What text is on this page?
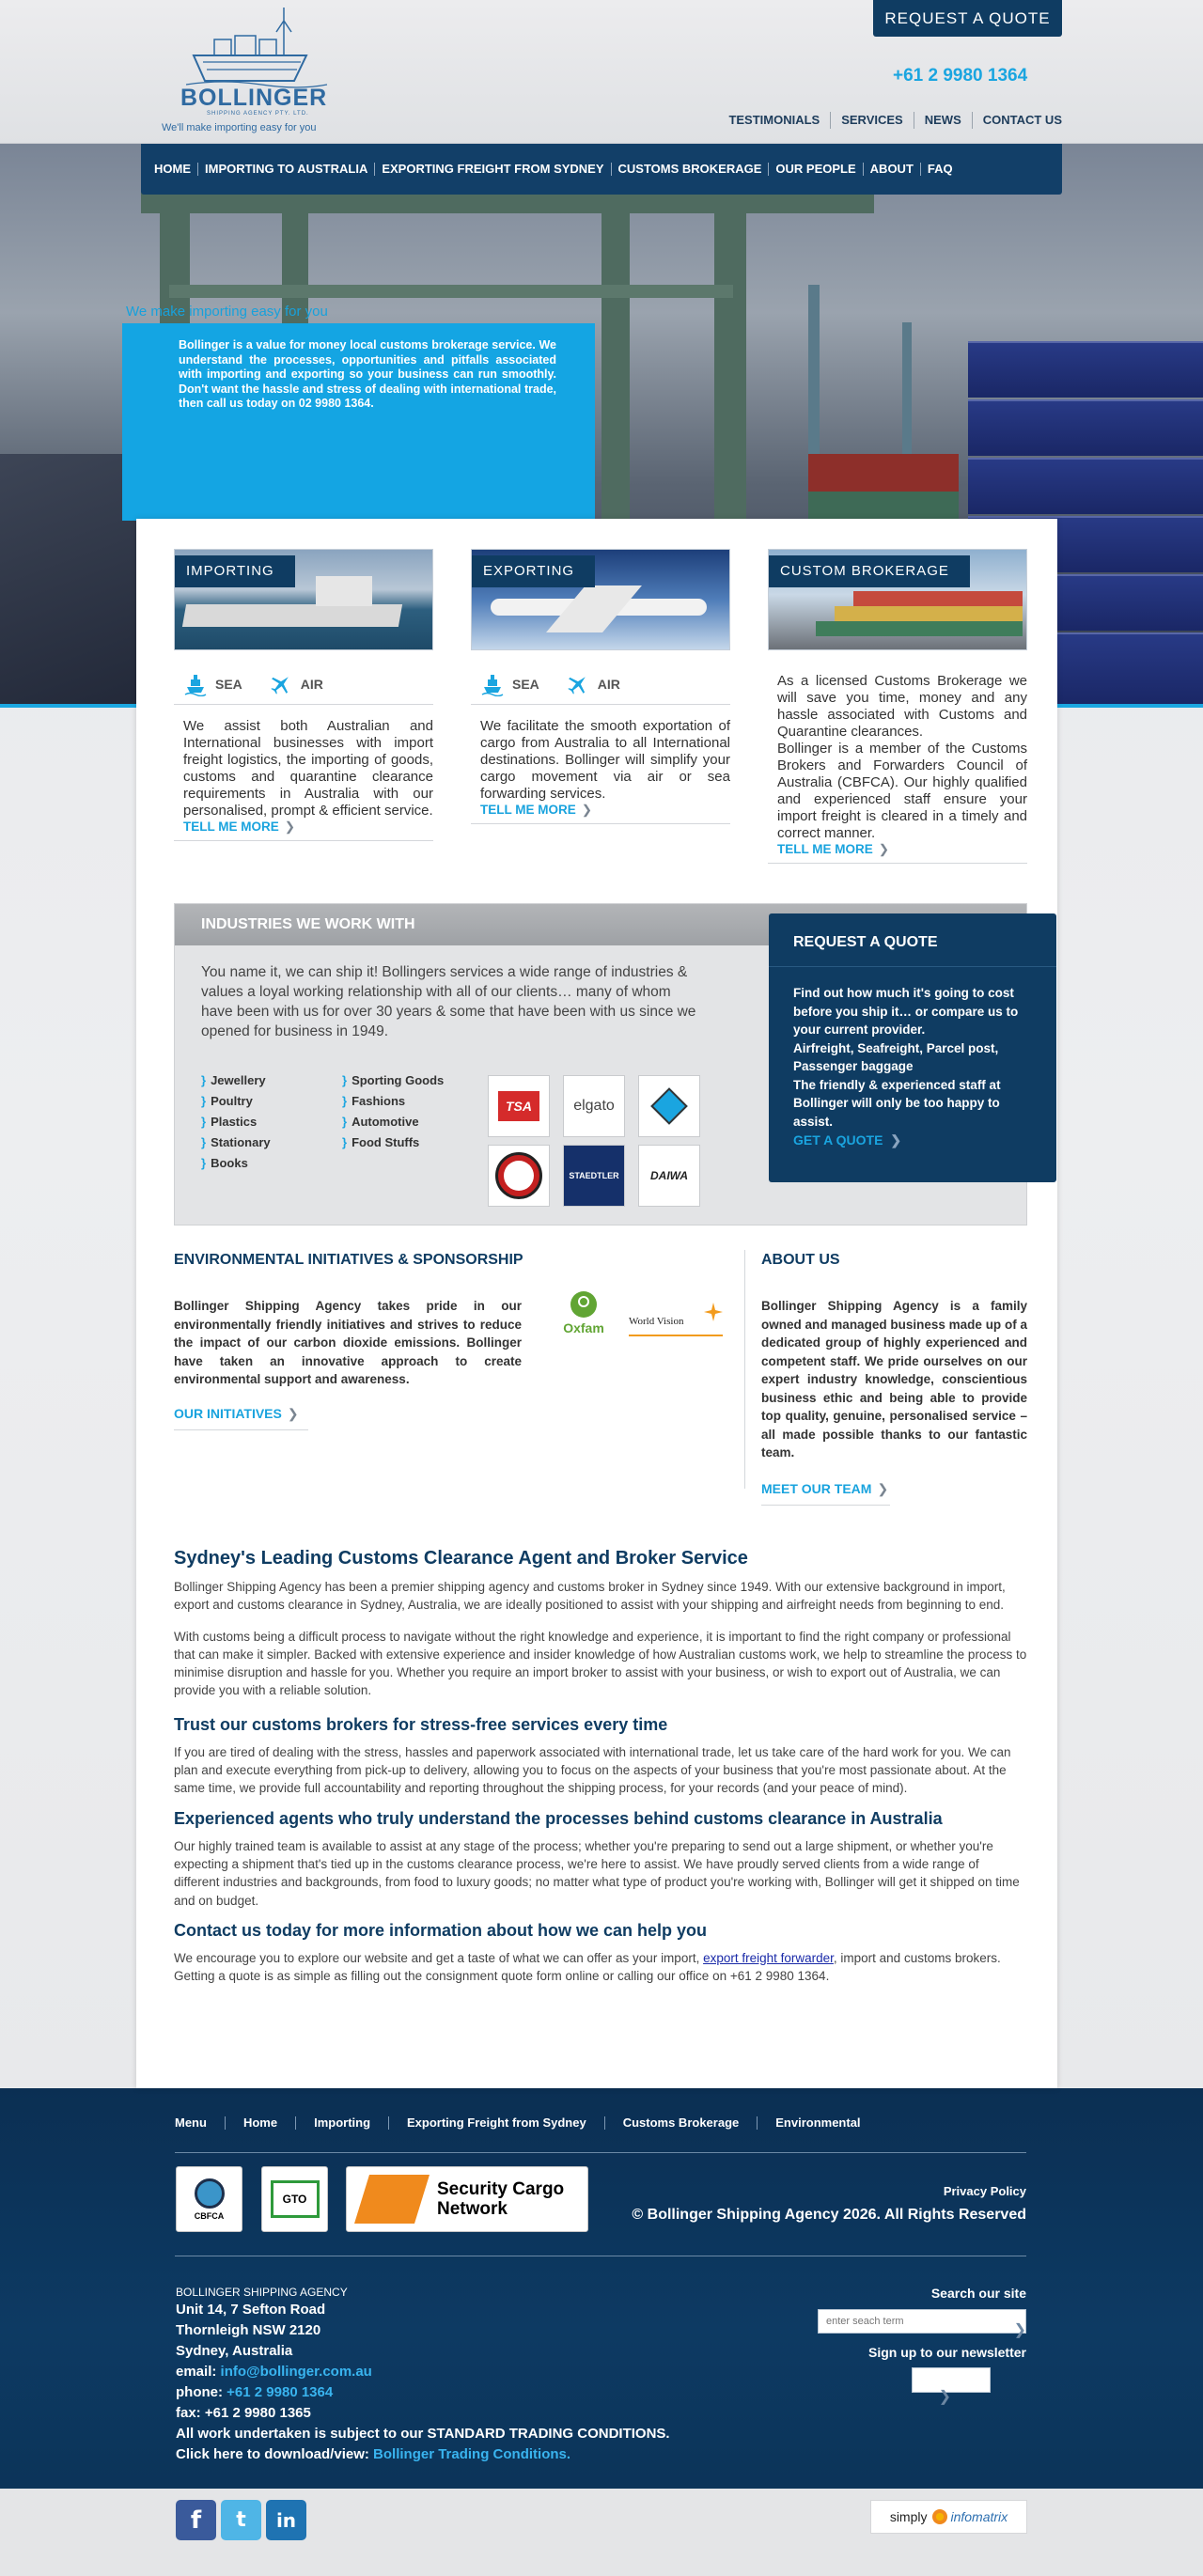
BOLLINGER
SHIPPING AGENCY PTY. LTD.
We'll make importing easy for you
REQUEST A QUOTE
+61 2 9980 1364
TESTIMONIALS	SERVICES	NEWS	CONTACT US
HOME	IMPORTING TO AUSTRALIA	EXPORTING FREIGHT FROM SYDNEY	CUSTOMS BROKERAGE	OUR PEOPLE	ABOUT	FAQ
We make importing easy for you

Bollinger is a value for money local customs brokerage service. We understand the processes, opportunities and pitfalls associated with importing and exporting so your business can run smoothly. Don't want the hassle and stress of dealing with international trade, then call us today on 02 9980 1364.

IMPORTING
SEA	AIR

We assist both Australian and International businesses with import freight logistics, the importing of goods, customs and quarantine clearance requirements in Australia with our personalised, prompt & efficient service.

TELL ME MORE ❯
EXPORTING
SEA	AIR

We facilitate the smooth exportation of cargo from Australia to all International destinations. Bollinger will simplify your cargo movement via air or sea forwarding services.

TELL ME MORE ❯
CUSTOM BROKERAGE

As a licensed Customs Brokerage we will save you time, money and any hassle associated with Customs and Quarantine clearances.
Bollinger is a member of the Customs Brokers and Forwarders Council of Australia (CBFCA). Our highly qualified and experienced staff ensure your import freight is cleared in a timely and correct manner.

TELL ME MORE ❯
INDUSTRIES WE WORK WITH
You name it, we can ship it! Bollingers services a wide range of industries & values a loyal working relationship with all of our clients… many of whom have been with us for over 30 years & some that have been with us since we opened for business in 1949.
} Jewellery
} Poultry
} Plastics
} Stationary
} Books
} Sporting Goods
} Fashions
} Automotive
} Food Stuffs
TSA	elgato
STAEDTLER	DAIWA
REQUEST A QUOTE

Find out how much it's going to cost before you ship it… or compare us to your current provider.
Airfreight, Seafreight, Parcel post, Passenger baggage
The friendly & experienced staff at Bollinger will only be too happy to assist.

GET A QUOTE ❯
ENVIRONMENTAL INITIATIVES & SPONSORSHIP

Bollinger Shipping Agency takes pride in our environmentally friendly initiatives and strives to reduce the impact of our carbon dioxide emissions. Bollinger have taken an innovative approach to create environmental support and awareness.

OUR INITIATIVES ❯
Oxfam	World Vision
ABOUT US

Bollinger Shipping Agency is a family owned and managed business made up of a dedicated group of highly experienced and competent staff. We pride ourselves on our expert industry knowledge, conscientious business ethic and being able to provide top quality, genuine, personalised service – all made possible thanks to our fantastic team.

MEET OUR TEAM ❯
Sydney's Leading Customs Clearance Agent and Broker Service

Bollinger Shipping Agency has been a premier shipping agency and customs broker in Sydney since 1949. With our extensive background in import, export and customs clearance in Sydney, Australia, we are ideally positioned to assist with your shipping and airfreight needs from beginning to end.

With customs being a difficult process to navigate without the right knowledge and experience, it is important to find the right company or professional that can make it simpler. Backed with extensive experience and insider knowledge of how Australian customs work, we help to streamline the process to minimise disruption and hassle for you. Whether you require an import broker to assist with your business, or wish to export out of Australia, we can provide you with a reliable solution.

Trust our customs brokers for stress-free services every time

If you are tired of dealing with the stress, hassles and paperwork associated with international trade, let us take care of the hard work for you. We can plan and execute everything from pick-up to delivery, allowing you to focus on the aspects of your business that you're most passionate about. At the same time, we provide full accountability and reporting throughout the shipping process, for your records (and your peace of mind).

Experienced agents who truly understand the processes behind customs clearance in Australia

Our highly trained team is available to assist at any stage of the process; whether you're preparing to send out a large shipment, or whether you're expecting a shipment that's tied up in the customs clearance process, we're here to assist. We have proudly served clients from a wide range of different industries and backgrounds, from food to luxury goods; no matter what type of product you're working with, Bollinger will get it shipped on time and on budget.

Contact us today for more information about how we can help you

We encourage you to explore our website and get a taste of what we can offer as your import, export freight forwarder, import and customs brokers. Getting a quote is as simple as filling out the consignment quote form online or calling our office on +61 2 9980 1364.

Menu	Home	Importing	Exporting Freight from Sydney	Customs Brokerage	Environmental
CBFCA
GTO	Security Cargo Network
Privacy Policy
© Bollinger Shipping Agency 2026. All Rights Reserved
BOLLINGER SHIPPING AGENCY
Unit 14, 7 Sefton Road
Thornleigh NSW 2120
Sydney, Australia
email: info@bollinger.com.au
phone: +61 2 9980 1364
fax: +61 2 9980 1365
All work undertaken is subject to our STANDARD TRADING CONDITIONS.
Click here to download/view: Bollinger Trading Conditions.
Search our site
enter seach term
❯
Sign up to our newsletter
❯
f	t	in	simply infomatrix
